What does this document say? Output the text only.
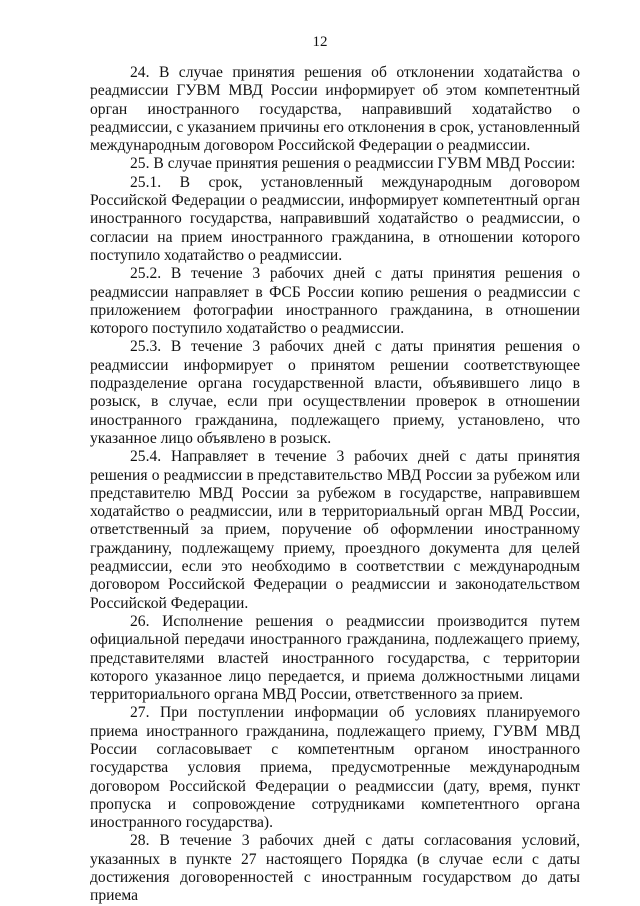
12

24. В случае принятия решения об отклонении ходатайства о реадмиссии ГУВМ МВД России информирует об этом компетентный орган иностранного государства, направивший ходатайство о реадмиссии, с указанием причины его отклонения в срок, установленный международным договором Российской Федерации о реадмиссии.

25. В случае принятия решения о реадмиссии ГУВМ МВД России:

25.1. В срок, установленный международным договором Российской Федерации о реадмиссии, информирует компетентный орган иностранного государства, направивший ходатайство о реадмиссии, о согласии на прием иностранного гражданина, в отношении которого поступило ходатайство о реадмиссии.

25.2. В течение 3 рабочих дней с даты принятия решения о реадмиссии направляет в ФСБ России копию решения о реадмиссии с приложением фотографии иностранного гражданина, в отношении которого поступило ходатайство о реадмиссии.

25.3. В течение 3 рабочих дней с даты принятия решения о реадмиссии информирует о принятом решении соответствующее подразделение органа государственной власти, объявившего лицо в розыск, в случае, если при осуществлении проверок в отношении иностранного гражданина, подлежащего приему, установлено, что указанное лицо объявлено в розыск.

25.4. Направляет в течение 3 рабочих дней с даты принятия решения о реадмиссии в представительство МВД России за рубежом или представителю МВД России за рубежом в государстве, направившем ходатайство о реадмиссии, или в территориальный орган МВД России, ответственный за прием, поручение об оформлении иностранному гражданину, подлежащему приему, проездного документа для целей реадмиссии, если это необходимо в соответствии с международным договором Российской Федерации о реадмиссии и законодательством Российской Федерации.

26. Исполнение решения о реадмиссии производится путем официальной передачи иностранного гражданина, подлежащего приему, представителями властей иностранного государства, с территории которого указанное лицо передается, и приема должностными лицами территориального органа МВД России, ответственного за прием.

27. При поступлении информации об условиях планируемого приема иностранного гражданина, подлежащего приему, ГУВМ МВД России согласовывает с компетентным органом иностранного государства условия приема, предусмотренные международным договором Российской Федерации о реадмиссии (дату, время, пункт пропуска и сопровождение сотрудниками компетентного органа иностранного государства).

28. В течение 3 рабочих дней с даты согласования условий, указанных в пункте 27 настоящего Порядка (в случае если с даты достижения договоренностей с иностранным государством до даты приема
